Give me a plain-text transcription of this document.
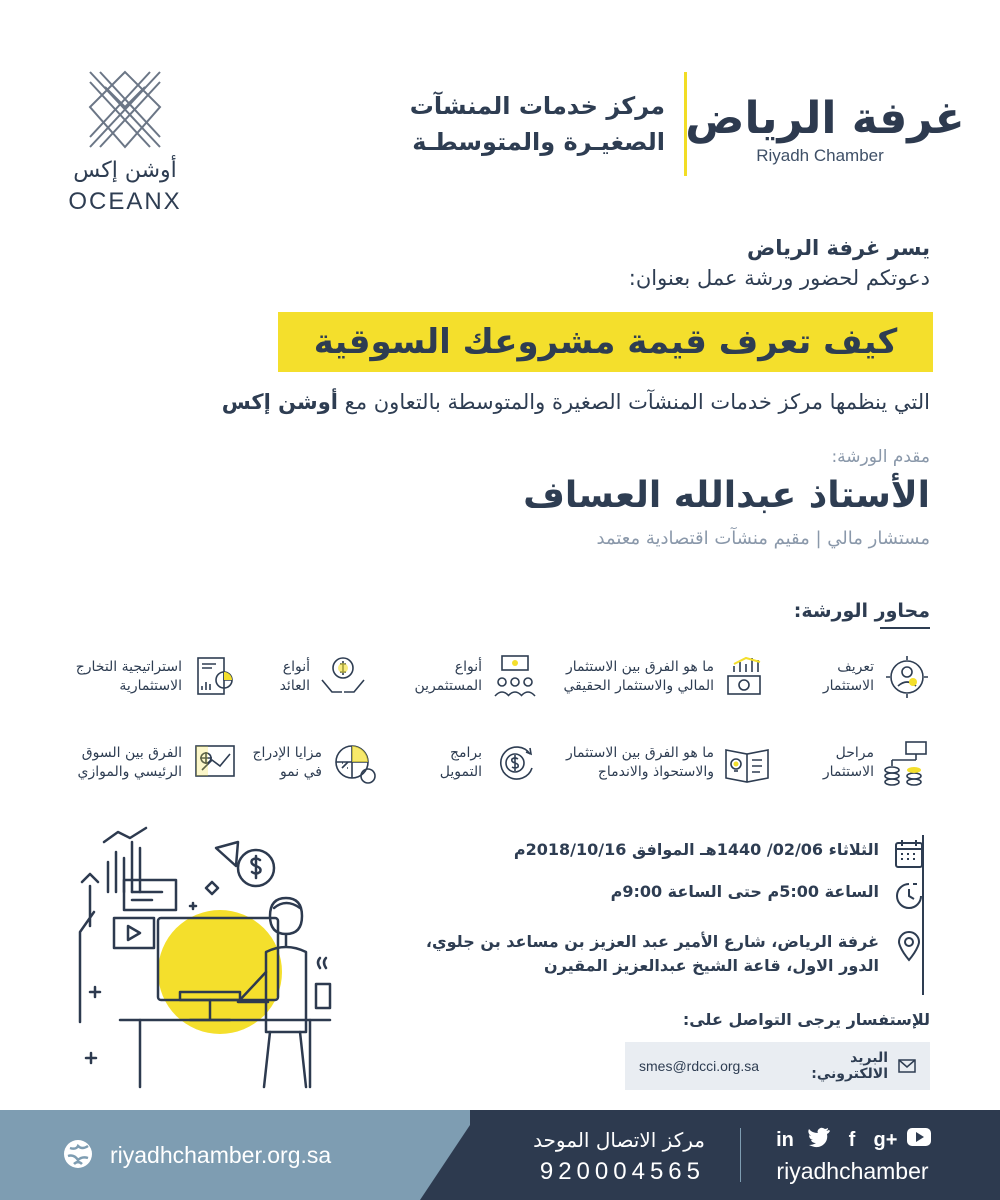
أوشن إكس
OCEANX
مركز خدمات المنشآت
الصغيـرة والمتوسطـة	غرفة الرياض
Riyadh Chamber
يسر غرفة الرياض
دعوتكم لحضور ورشة عمل بعنوان:
كيف تعرف قيمة مشروعك السوقية
التي ينظمها مركز خدمات المنشآت الصغيرة والمتوسطة بالتعاون مع أوشن إكس
مقدم الورشة:
الأستاذ عبدالله العساف
مستشار مالي | مقيم منشآت اقتصادية معتمد
محاور الورشة:
تعريف
الاستثمار
ما هو الفرق بين الاستثمار
المالي والاستثمار الحقيقي
أنواع
المستثمرين
أنواع
العائد
استراتيجية التخارج
الاستثمارية
مراحل
الاستثمار
ما هو الفرق بين الاستثمار
والاستحواذ والاندماج
برامج
التمويل
مزايا الإدراج
في نمو
الفرق بين السوق
الرئيسي والموازي
الثلاثاء 02/06/ 1440هـ الموافق 2018/10/16م
الساعة 5:00م حتى الساعة 9:00م
غرفة الرياض، شارع الأمير عبد العزيز بن مساعد بن جلوي،
الدور الاول، قاعة الشيخ عبدالعزيز المقيرن
للإستفسار يرجى التواصل على:
البريد الالكتروني:
smes@rdcci.org.sa
riyadhchamber.org.sa
مركز الاتصال الموحد
920004565
in	f g+
riyadhchamber
